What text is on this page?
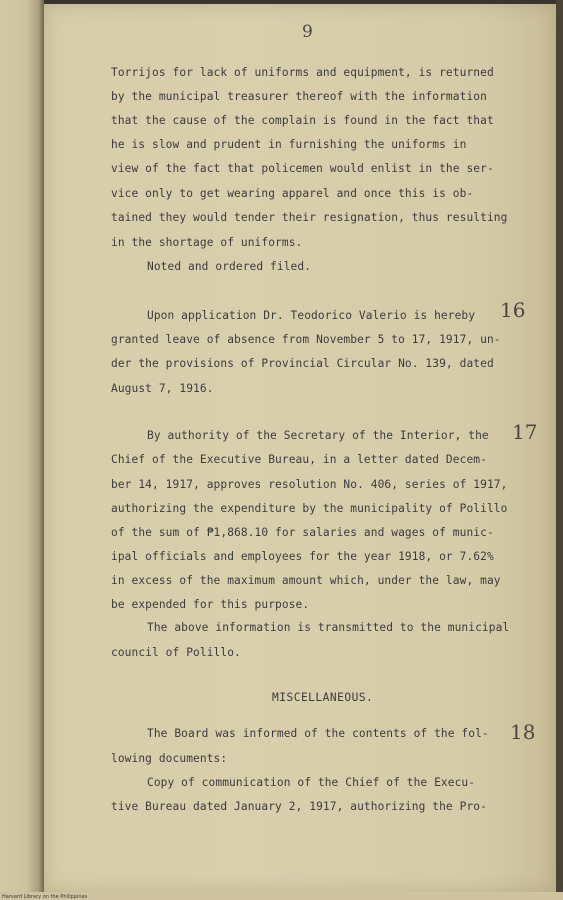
9
Torrijos for lack of uniforms and equipment, is returned
by the municipal treasurer thereof with the information
that the cause of the complain is found in the fact that
he is slow and prudent in furnishing the uniforms in
view of the fact that policemen would enlist in the ser-
vice only to get wearing apparel and once this is ob-
tained they would tender their resignation, thus resulting
in the shortage of uniforms.
Noted and ordered filed.
16
Upon application Dr. Teodorico Valerio is hereby
granted leave of absence from November 5 to 17, 1917, un-
der the provisions of Provincial Circular No. 139, dated
August 7, 1916.
17
By authority of the Secretary of the Interior, the
Chief of the Executive Bureau, in a letter dated Decem-
ber 14, 1917, approves resolution No. 406, series of 1917,
authorizing the expenditure by the municipality of Polillo
of the sum of ₱1,868.10 for salaries and wages of munic-
ipal officials and employees for the year 1918, or 7.62%
in excess of the maximum amount which, under the law, may
be expended for this purpose.
The above information is transmitted to the municipal
council of Polillo.
MISCELLANEOUS.
18
The Board was informed of the contents of the fol-
lowing documents:
Copy of communication of the Chief of the Execu-
tive Bureau dated January 2, 1917, authorizing the Pro-
Harvard Library on the Philippines
